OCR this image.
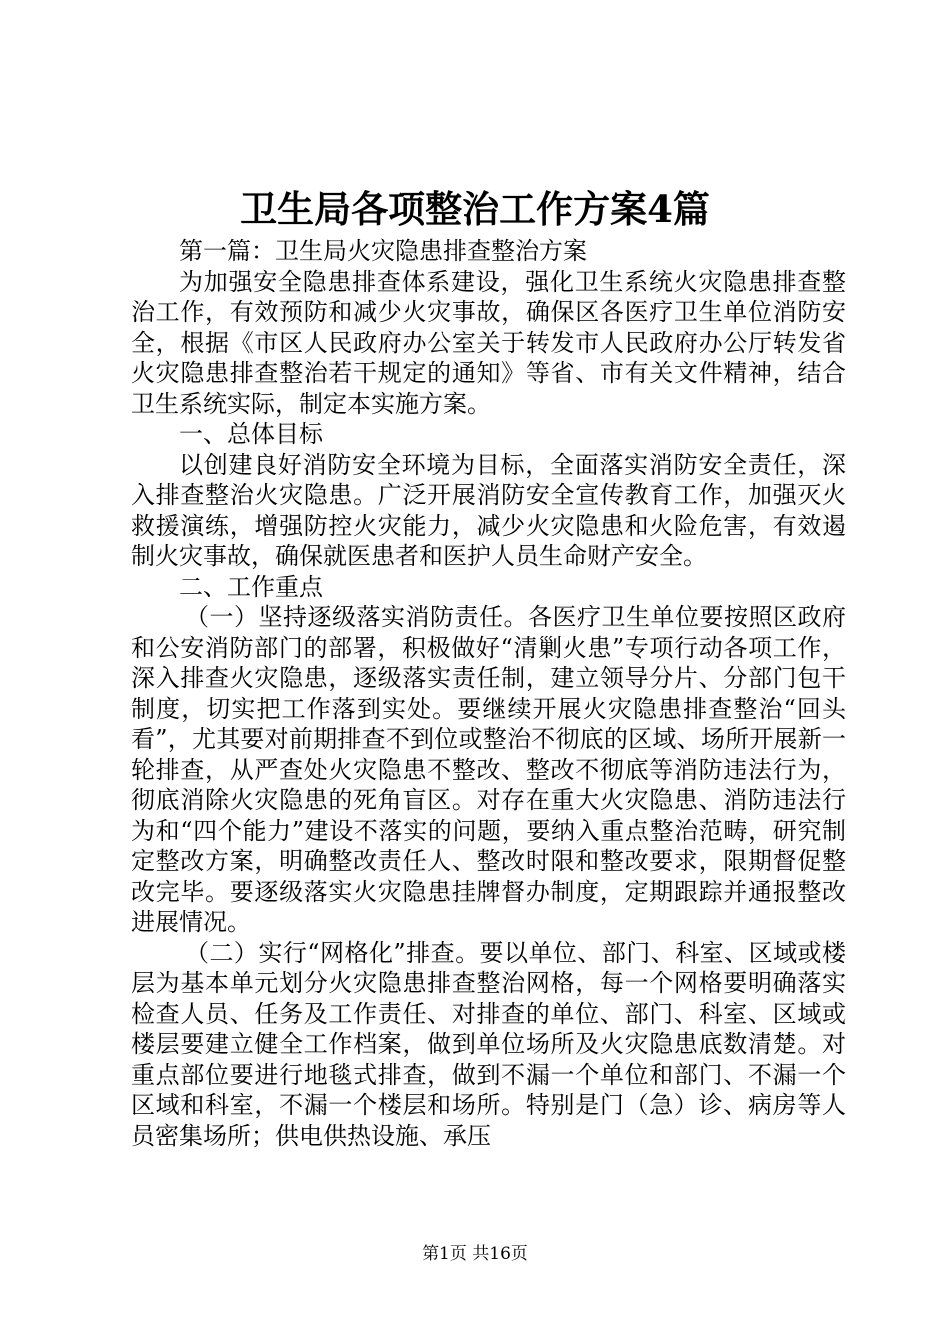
卫生局各项整治工作方案4篇

第一篇：卫生局火灾隐患排查整治方案

为加强安全隐患排查体系建设，强化卫生系统火灾隐患排查整治工作，有效预防和减少火灾事故，确保区各医疗卫生单位消防安全，根据《市区人民政府办公室关于转发市人民政府办公厅转发省火灾隐患排查整治若干规定的通知》等省、市有关文件精神，结合卫生系统实际，制定本实施方案。

一、总体目标

以创建良好消防安全环境为目标，全面落实消防安全责任，深入排查整治火灾隐患。广泛开展消防安全宣传教育工作，加强灭火救援演练，增强防控火灾能力，减少火灾隐患和火险危害，有效遏制火灾事故，确保就医患者和医护人员生命财产安全。

二、工作重点

（一）坚持逐级落实消防责任。各医疗卫生单位要按照区政府和公安消防部门的部署，积极做好“清剿火患”专项行动各项工作，深入排查火灾隐患，逐级落实责任制，建立领导分片、分部门包干制度，切实把工作落到实处。要继续开展火灾隐患排查整治“回头看”，尤其要对前期排查不到位或整治不彻底的区域、场所开展新一轮排查，从严查处火灾隐患不整改、整改不彻底等消防违法行为，彻底消除火灾隐患的死角盲区。对存在重大火灾隐患、消防违法行为和“四个能力”建设不落实的问题，要纳入重点整治范畴，研究制定整改方案，明确整改责任人、整改时限和整改要求，限期督促整改完毕。要逐级落实火灾隐患挂牌督办制度，定期跟踪并通报整改进展情况。

（二）实行“网格化”排查。要以单位、部门、科室、区域或楼层为基本单元划分火灾隐患排查整治网格，每一个网格要明确落实检查人员、任务及工作责任、对排查的单位、部门、科室、区域或楼层要建立健全工作档案，做到单位场所及火灾隐患底数清楚。对重点部位要进行地毯式排查，做到不漏一个单位和部门、不漏一个区域和科室，不漏一个楼层和场所。特别是门（急）诊、病房等人员密集场所；供电供热设施、承压

第1页 共16页
